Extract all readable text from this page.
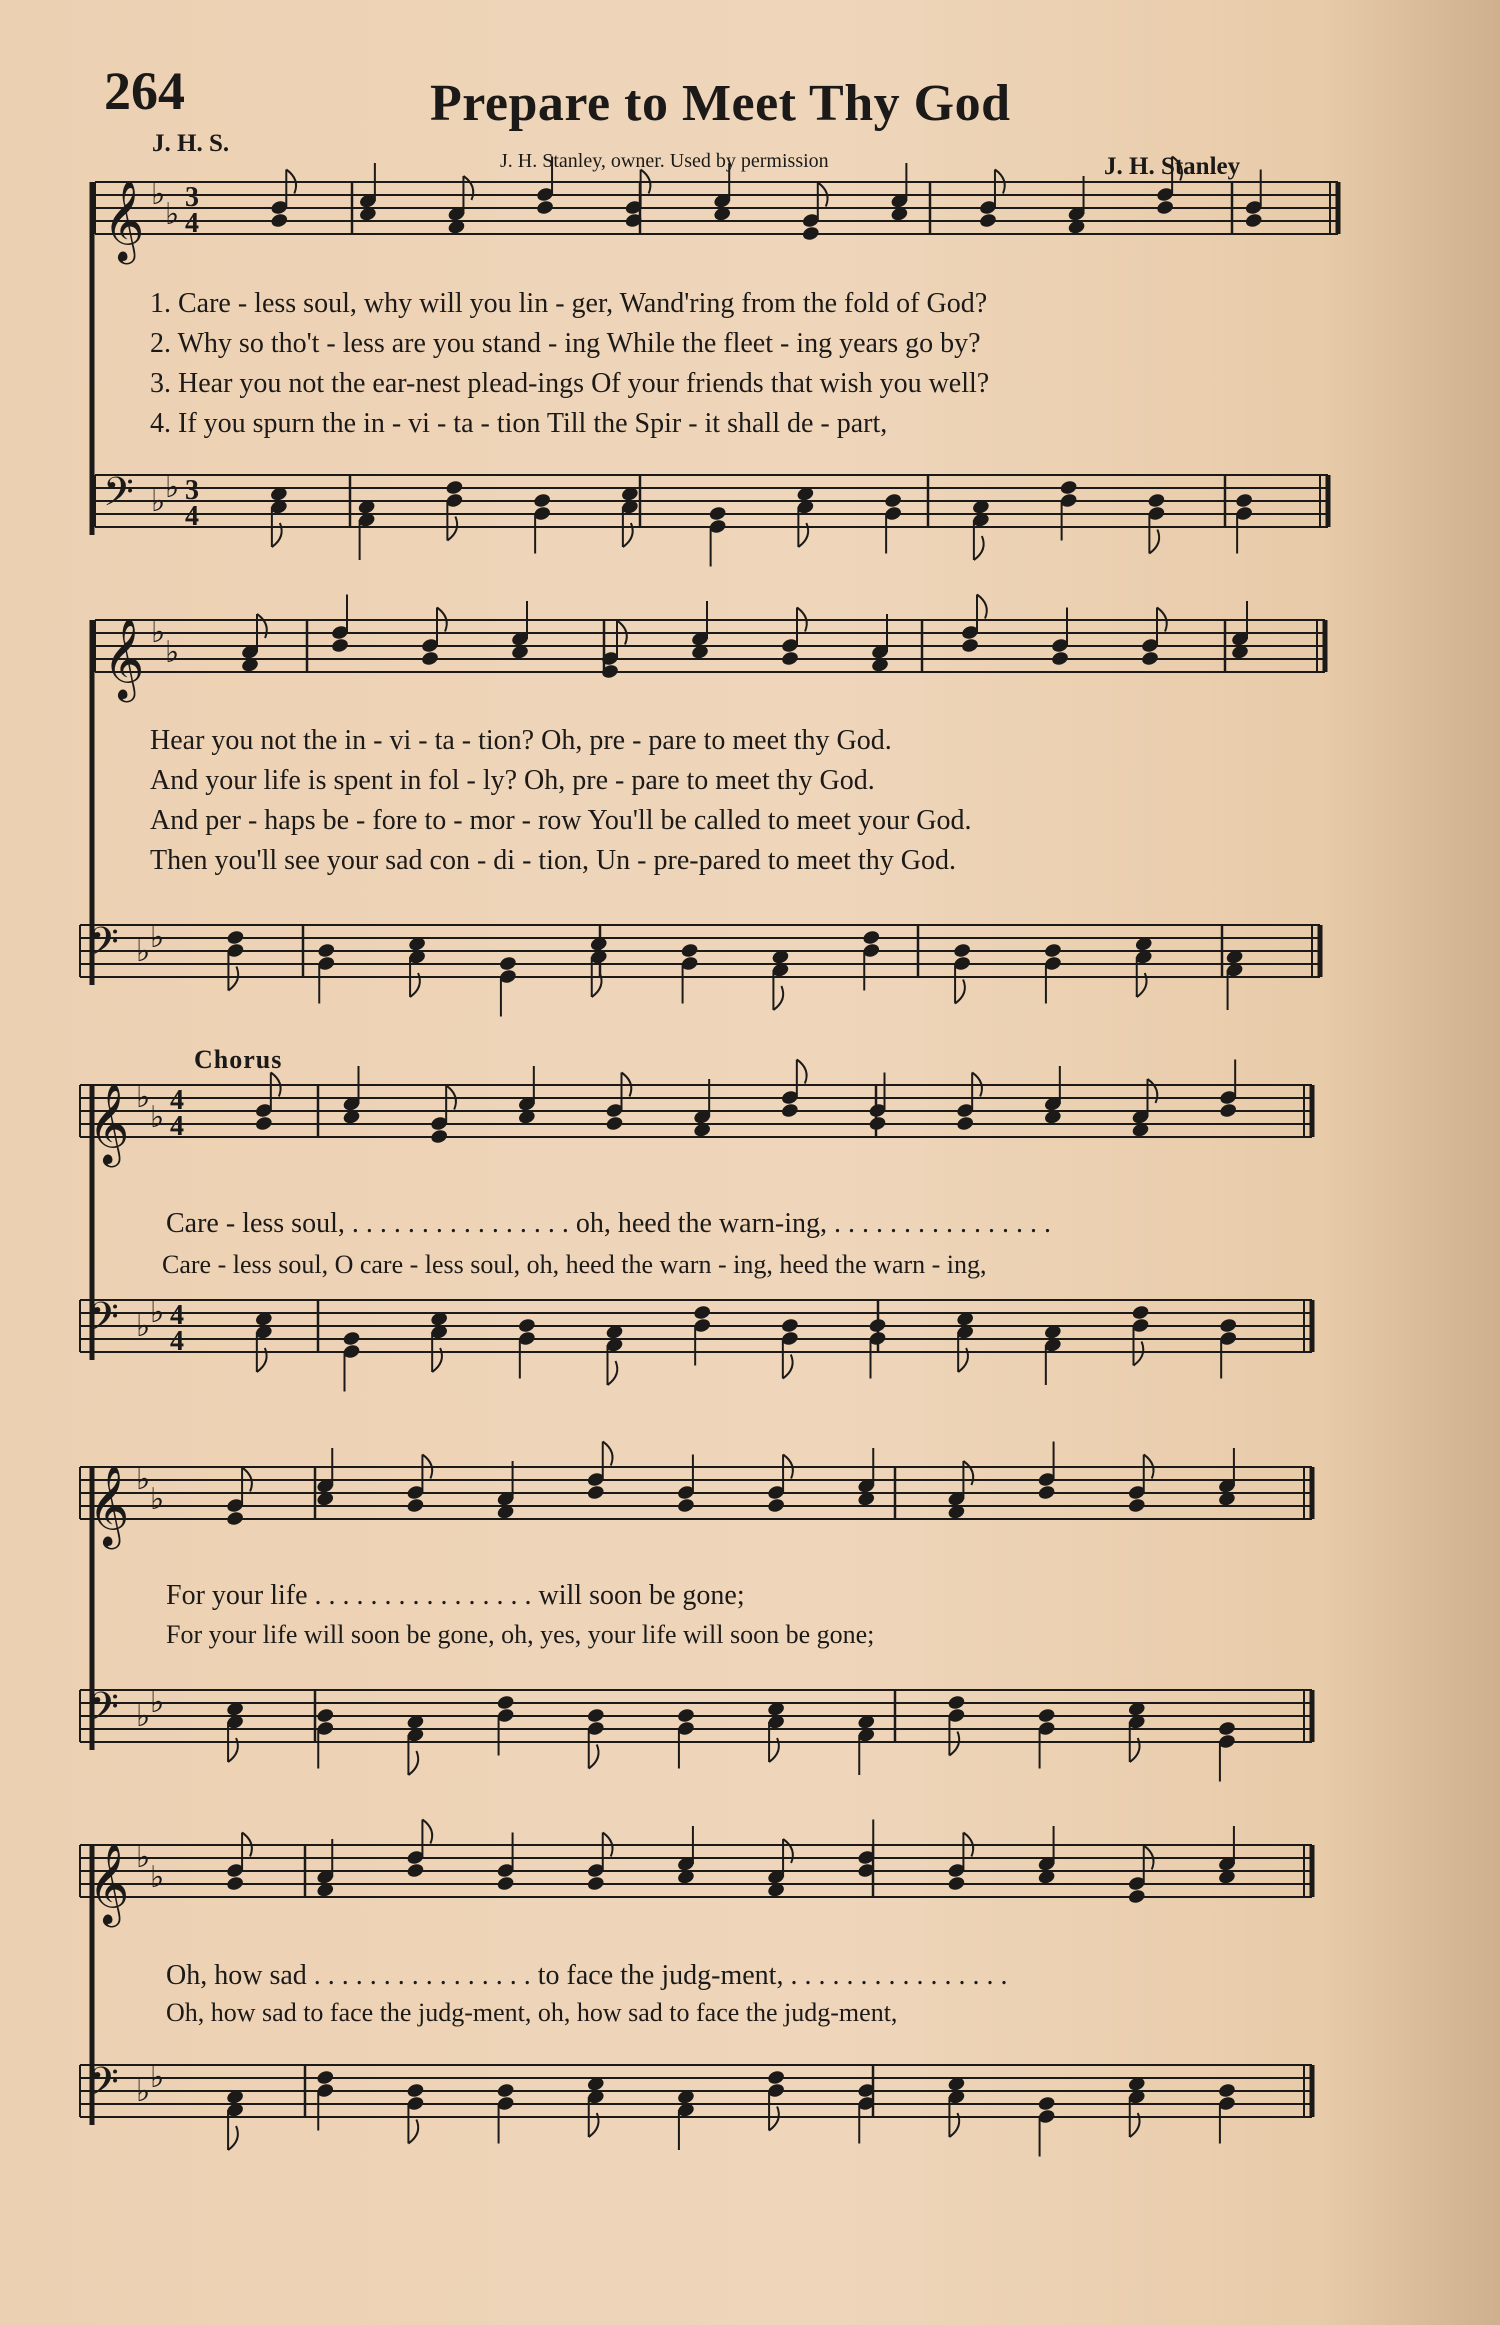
264	Prepare to Meet Thy God
J. H. S.
J. H. Stanley, owner. Used by permission	J. H. Stanley
𝄞 ♭
♭ 3
4
𝄢 ♭ ♭ 3
4
𝄞 ♭
♭
𝄢 ♭ ♭
𝄞 ♭
♭ 4
4
𝄢 ♭ ♭ 4
4
𝄞 ♭
♭
𝄢 ♭ ♭
𝄞 ♭
♭
𝄢 ♭ ♭
1. Care - less soul, why will you lin - ger, Wand'ring from the fold of God?
2. Why so tho't - less are you stand - ing While the fleet - ing years go by?
3. Hear you not the ear-nest plead-ings Of your friends that wish you well?
4. If you spurn the in - vi - ta - tion Till the Spir - it shall de - part,
Hear you not the in - vi - ta - tion? Oh, pre - pare to meet thy God.
And your life is spent in fol - ly? Oh, pre - pare to meet thy God.
And per - haps be - fore to - mor - row You'll be called to meet your God.
Then you'll see your sad con - di - tion, Un - pre-pared to meet thy God.
Chorus
Care - less soul, . . . . . . . . . . . . . . . . oh, heed the warn-ing, . . . . . . . . . . . . . . . .
Care - less soul, O care - less soul, oh, heed the warn - ing, heed the warn - ing,
For your life . . . . . . . . . . . . . . . . will soon be gone;
For your life will soon be gone, oh, yes, your life will soon be gone;
Oh, how sad . . . . . . . . . . . . . . . . to face the judg-ment, . . . . . . . . . . . . . . . .
Oh, how sad to face the judg-ment, oh, how sad to face the judg-ment,
